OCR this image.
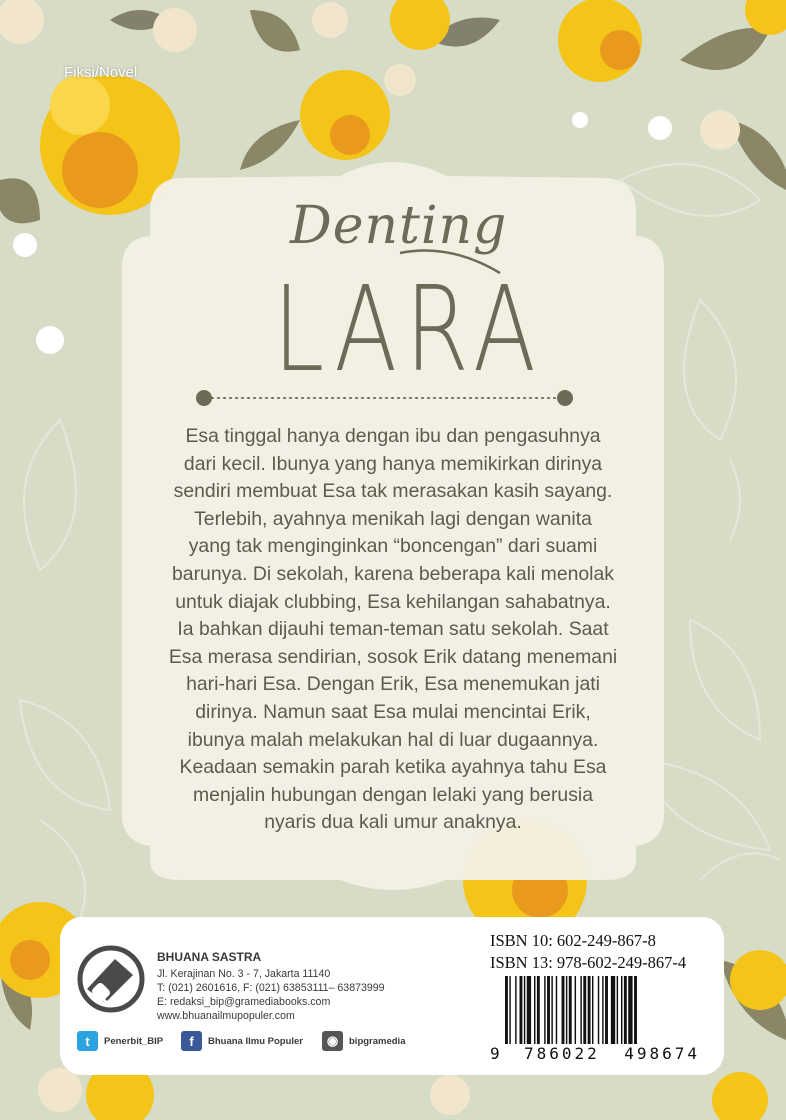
Fiksi/Novel
Denting
LARA
Esa tinggal hanya dengan ibu dan pengasuhnya
dari kecil. Ibunya yang hanya memikirkan dirinya
sendiri membuat Esa tak merasakan kasih sayang.
Terlebih, ayahnya menikah lagi dengan wanita
yang tak menginginkan “boncengan” dari suami
barunya. Di sekolah, karena beberapa kali menolak
untuk diajak clubbing, Esa kehilangan sahabatnya.
Ia bahkan dijauhi teman-teman satu sekolah. Saat
Esa merasa sendirian, sosok Erik datang menemani
hari-hari Esa. Dengan Erik, Esa menemukan jati
dirinya. Namun saat Esa mulai mencintai Erik,
ibunya malah melakukan hal di luar dugaannya.
Keadaan semakin parah ketika ayahnya tahu Esa
menjalin hubungan dengan lelaki yang berusia
nyaris dua kali umur anaknya.
BHUANA SASTRA
Jl. Kerajinan No. 3 - 7, Jakarta 11140
T: (021) 2601616, F: (021) 63853111– 63873999
E: redaksi_bip@gramediabooks.com
www.bhuanailmupopuler.com
t	Penerbit_BIP	f	Bhuana Ilmu Populer	◉	bipgramedia
ISBN 10: 602-249-867-8
ISBN 13: 978-602-249-867-4
9 786022 498674
